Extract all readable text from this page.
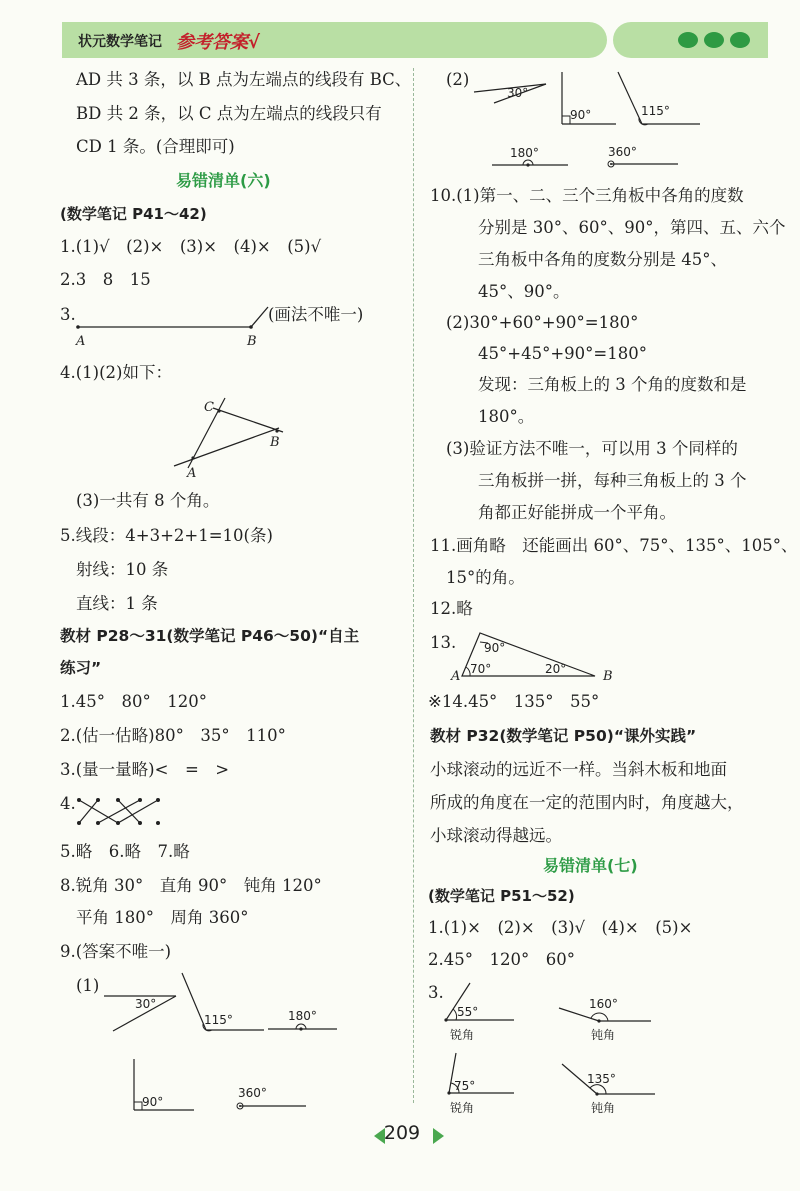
状元数学笔记 参考答案√
AD 共 3 条，以 B 点为左端点的线段有 BC、
BD 共 2 条，以 C 点为左端点的线段只有
CD 1 条。(合理即可)
易错清单(六)
(数学笔记 P41～42)
1.(1)√　(2)×　(3)×　(4)×　(5)√
2.3　8　15
3.	(画法不唯一)
A	B
C
B
A
30°
115°	180°
90°
360°
30°
90°	115°
180°	360°
90°
70°	20°
A	B
55°
锐角
160°
钝角
75°
锐角
135°
钝角
4.(1)(2)如下：
(3)一共有 8 个角。
5.线段：4+3+2+1=10(条)
射线：10 条
直线：1 条
教材 P28～31(数学笔记 P46～50)“自主
练习”
1.45°　80°　120°
2.(估一估略)80°　35°　110°
3.(量一量略)<　=　>
4.
5.略　6.略　7.略
8.锐角 30°　直角 90°　钝角 120°
平角 180°　周角 360°
9.(答案不唯一)
(1)
(2)
10.(1)第一、二、三个三角板中各角的度数
分别是 30°、60°、90°，第四、五、六个
三角板中各角的度数分别是 45°、
45°、90°。
(2)30°+60°+90°=180°
45°+45°+90°=180°
发现：三角板上的 3 个角的度数和是
180°。
(3)验证方法不唯一，可以用 3 个同样的
三角板拼一拼，每种三角板上的 3 个
角都正好能拼成一个平角。
11.画角略　还能画出 60°、75°、135°、105°、
15°的角。
12.略
13.
※14.45°　135°　55°
教材 P32(数学笔记 P50)“课外实践”
小球滚动的远近不一样。当斜木板和地面
所成的角度在一定的范围内时，角度越大，
小球滚动得越远。
易错清单(七)
(数学笔记 P51～52)
1.(1)×　(2)×　(3)√　(4)×　(5)×
2.45°　120°　60°
3.
209
